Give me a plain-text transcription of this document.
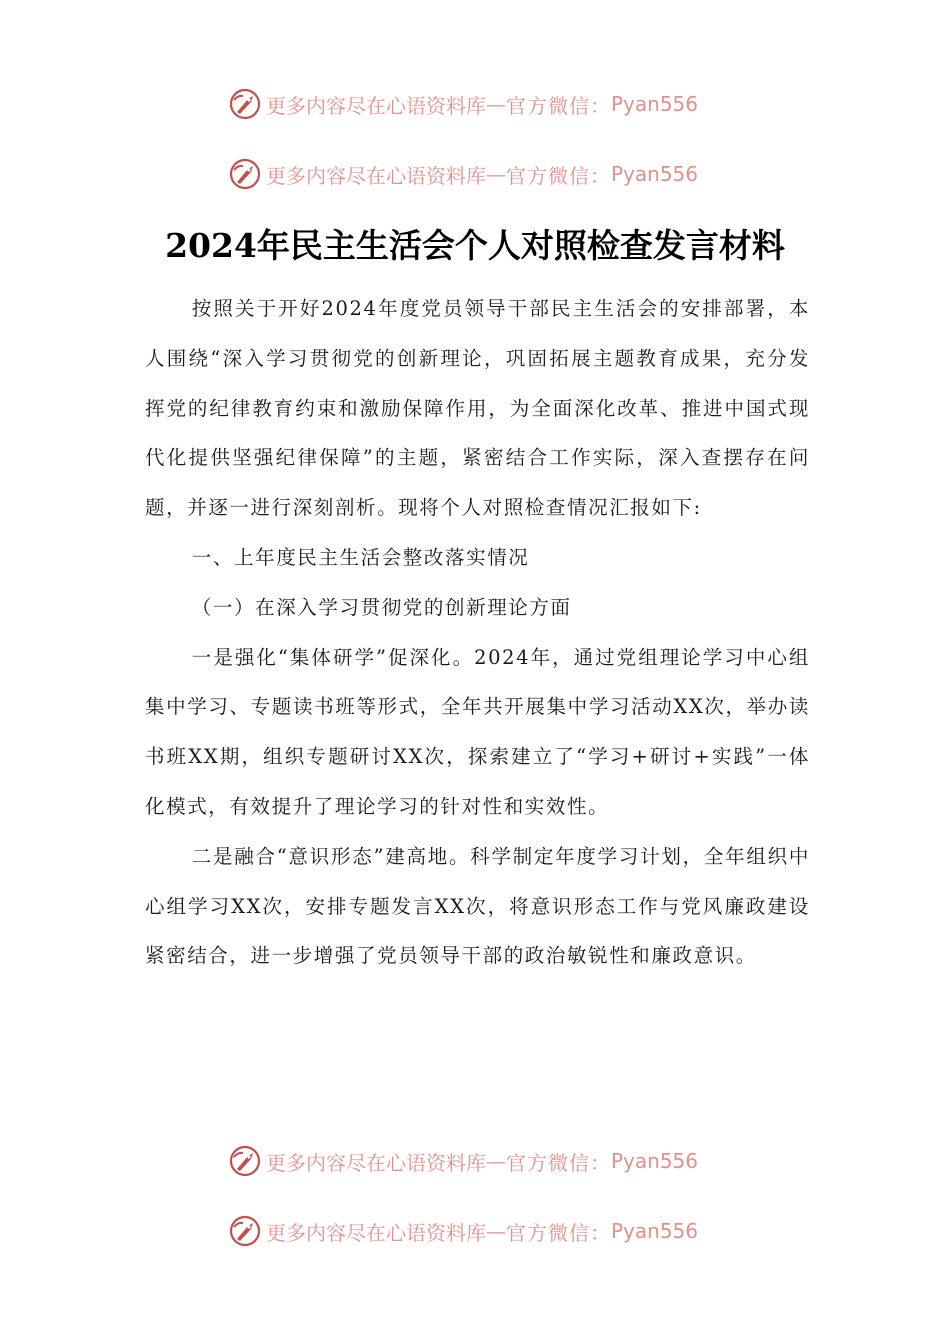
更多内容尽在心语资料库 — 官方微信： Pyan556
更多内容尽在心语资料库 — 官方微信： Pyan556
2024年民主生活会个人对照检查发言材料

按照关于开好2024年度党员领导干部民主生活会的安排部署，本人围绕“深入学习贯彻党的创新理论，巩固拓展主题教育成果，充分发挥党的纪律教育约束和激励保障作用，为全面深化改革、推进中国式现代化提供坚强纪律保障”的主题，紧密结合工作实际，深入查摆存在问题，并逐一进行深刻剖析。现将个人对照检查情况汇报如下:

一、上年度民主生活会整改落实情况

（一）在深入学习贯彻党的创新理论方面

一是强化“集体研学”促深化。2024年，通过党组理论学习中心组集中学习、专题读书班等形式，全年共开展集中学习活动XX次，举办读书班XX期，组织专题研讨XX次，探索建立了“学习+研讨+实践”一体化模式，有效提升了理论学习的针对性和实效性。

二是融合“意识形态”建高地。科学制定年度学习计划，全年组织中心组学习XX次，安排专题发言XX次，将意识形态工作与党风廉政建设紧密结合，进一步增强了党员领导干部的政治敏锐性和廉政意识。

更多内容尽在心语资料库 — 官方微信： Pyan556
更多内容尽在心语资料库 — 官方微信： Pyan556
